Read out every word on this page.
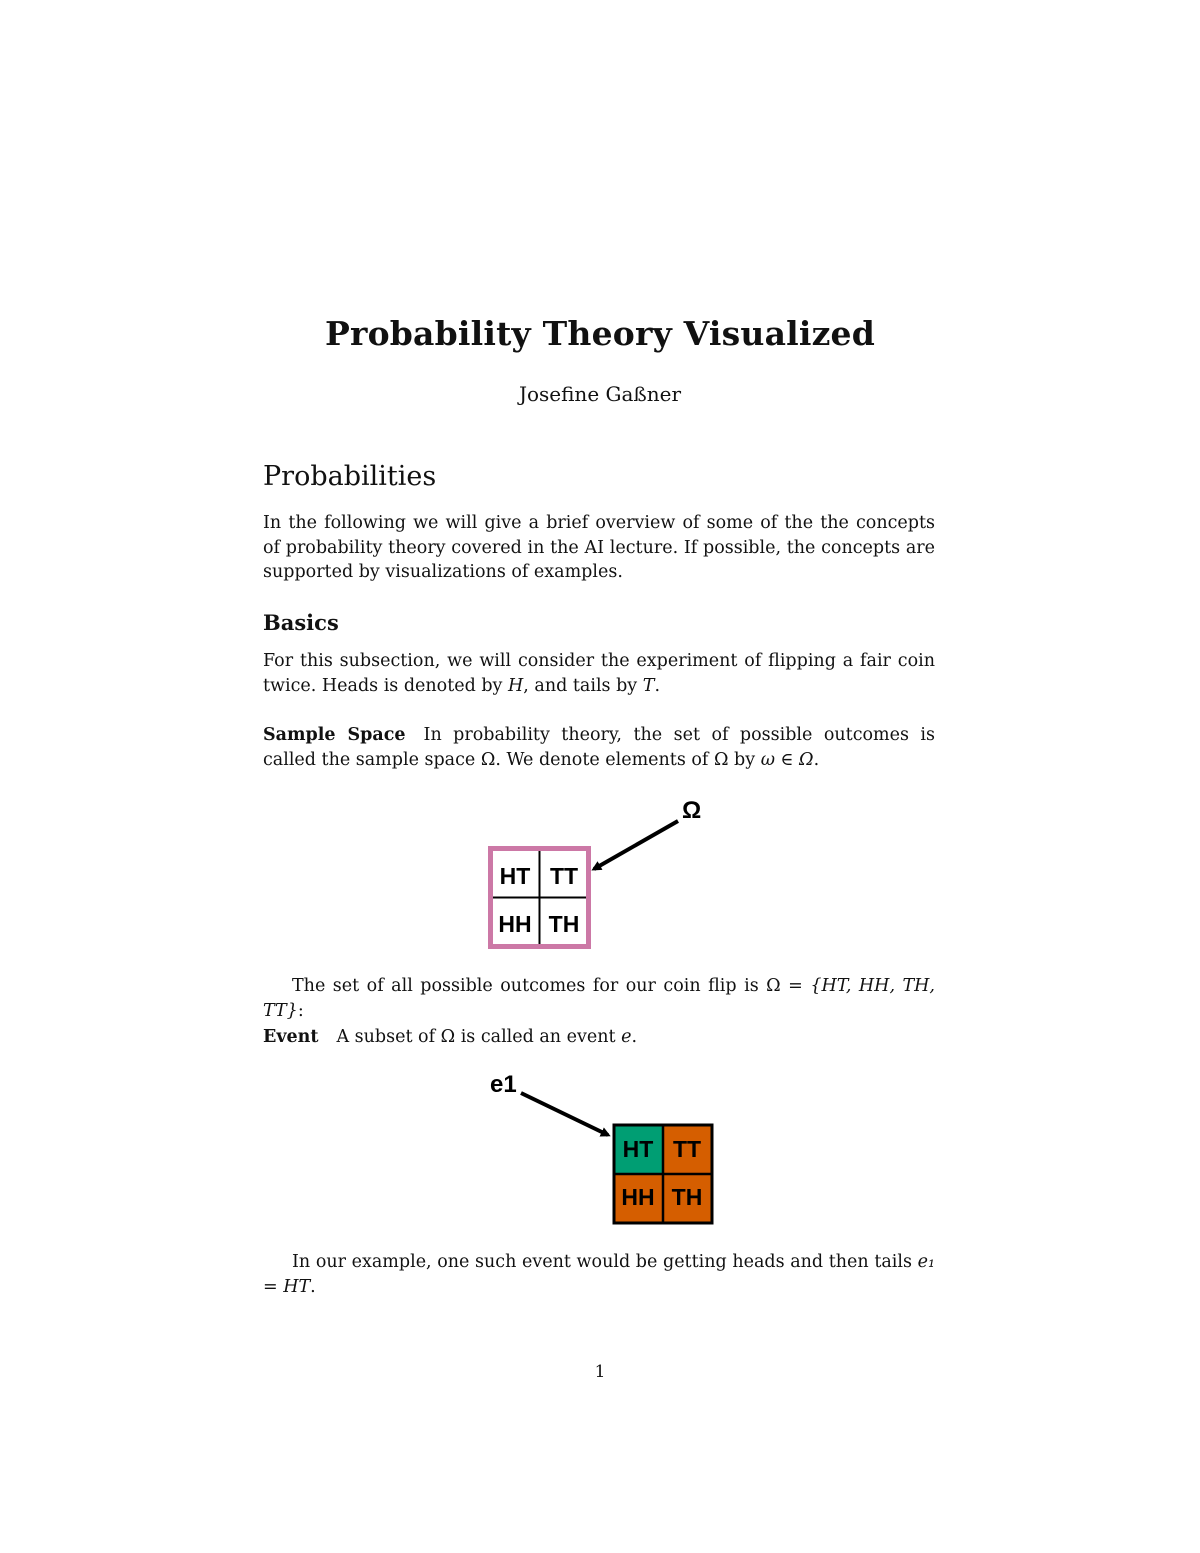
Probability Theory Visualized
Josefine Gaßner
Probabilities
In the following we will give a brief overview of some of the the concepts of probability theory covered in the AI lecture. If possible, the concepts are supported by visualizations of examples.
Basics
For this subsection, we will consider the experiment of flipping a fair coin twice. Heads is denoted by H, and tails by T.
Sample Space In probability theory, the set of possible outcomes is called the sample space Ω. We denote elements of Ω by ω ∈ Ω.
HT TT
HH TH
Ω
The set of all possible outcomes for our coin flip is Ω = {HT, HH, TH, TT}:
Event A subset of Ω is called an event e.
HT TT
HH TH
e1
In our example, one such event would be getting heads and then tails e₁ = HT.
1
